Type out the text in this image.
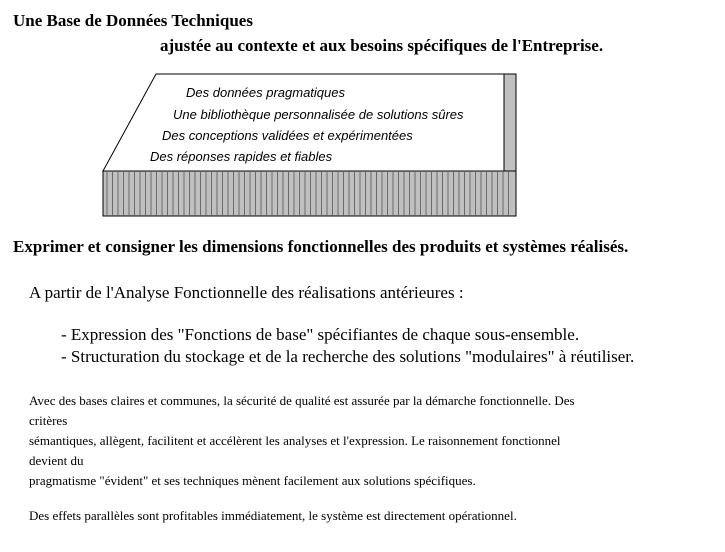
Une Base de Données Techniques
ajustée au contexte et aux besoins spécifiques de l'Entreprise.
Des données pragmatiques
Une bibliothèque personnalisée de solutions sûres
Des conceptions validées et expérimentées
Des réponses rapides et fiables
Exprimer et consigner les dimensions fonctionnelles des produits et systèmes réalisés.
A partir de l'Analyse Fonctionnelle des réalisations antérieures :
- Expression des "Fonctions de base" spécifiantes de chaque sous-ensemble.
- Structuration du stockage et de la recherche des solutions "modulaires" à réutiliser.
Avec des bases claires et communes, la sécurité de qualité est assurée par la démarche fonctionnelle. Des
critères
sémantiques, allègent, facilitent et accélèrent les analyses et l'expression. Le raisonnement fonctionnel
devient du
pragmatisme "évident" et ses techniques mènent facilement aux solutions spécifiques.
Des effets parallèles sont profitables immédiatement, le système est directement opérationnel.
